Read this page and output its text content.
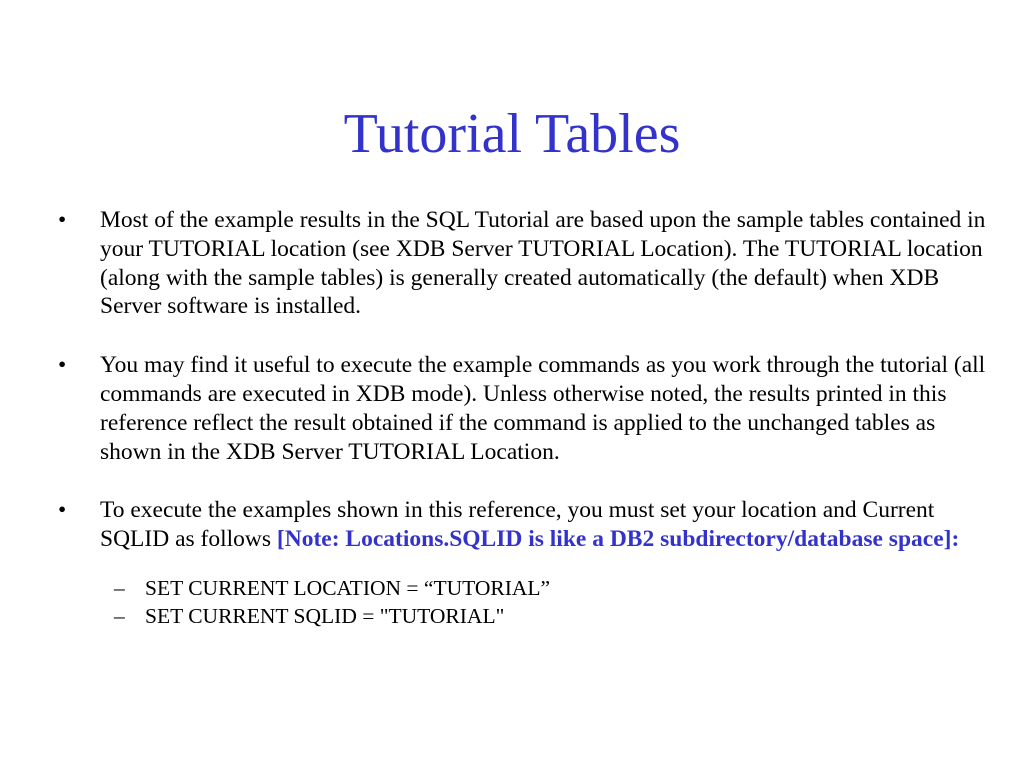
Tutorial Tables
• Most of the example results in the SQL Tutorial are based upon the sample tables contained in your TUTORIAL location (see XDB Server TUTORIAL Location). The TUTORIAL location (along with the sample tables) is generally created automatically (the default) when XDB Server software is installed.
• You may find it useful to execute the example commands as you work through the tutorial (all commands are executed in XDB mode). Unless otherwise noted, the results printed in this reference reflect the result obtained if the command is applied to the unchanged tables as shown in the XDB Server TUTORIAL Location.
• To execute the examples shown in this reference, you must set your location and Current SQLID as follows [Note: Locations.SQLID is like a DB2 subdirectory/database space]:
– SET CURRENT LOCATION = “TUTORIAL”
– SET CURRENT SQLID = "TUTORIAL"
